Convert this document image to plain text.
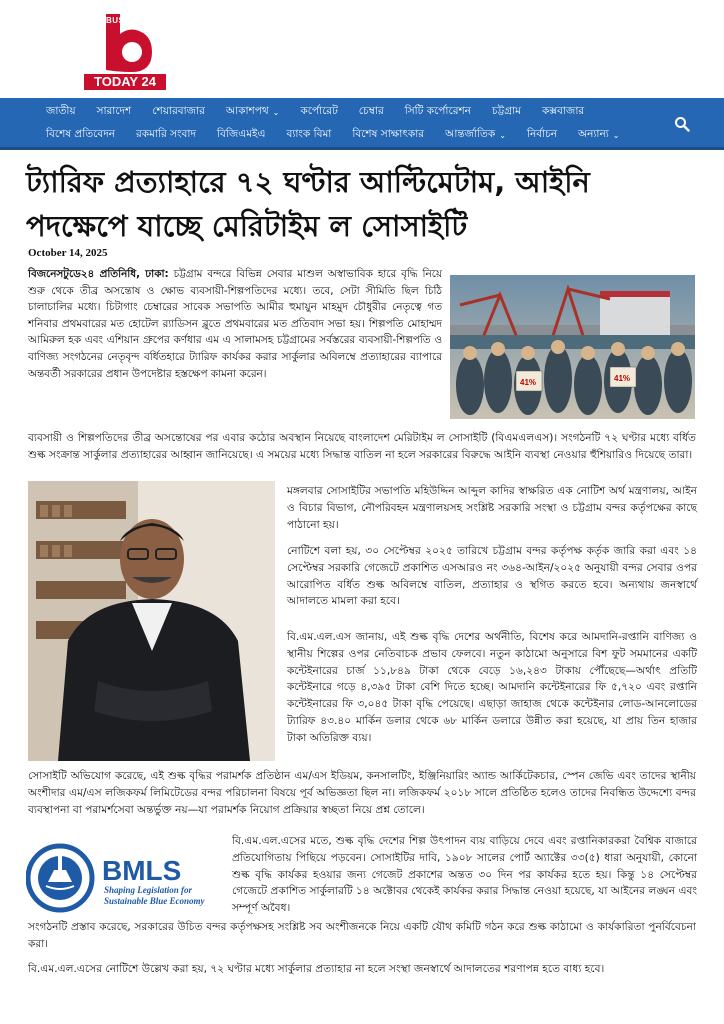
BUSINESS
TODAY 24
জাতীয় সারাদেশ শেয়ারবাজার আকাশপথ ⌄ কর্পোরেট চেম্বার সিটি কর্পোরেশন চট্টগ্রাম কক্সবাজার
বিশেষ প্রতিবেদন রকমারি সংবাদ বিজিএমইএ ব্যাংক বিমা বিশেষ সাক্ষাৎকার আন্তর্জাতিক ⌄ নির্বাচন অন্যান্য ⌄
ট্যারিফ প্রত্যাহারে ৭২ ঘণ্টার আল্টিমেটাম, আইনি
পদক্ষেপে যাচ্ছে মেরিটাইম ল সোসাইটি
October 14, 2025

বিজনেসটুডে২৪ প্রতিনিধি, ঢাকা: চট্টগ্রাম বন্দরে বিভিন্ন সেবার মাশুল অস্বাভাবিক হারে বৃদ্ধি নিয়ে শুরু থেকে তীব্র অসন্তোষ ও ক্ষোভ ব্যবসায়ী-শিল্পপতিদের মধ্যে। তবে, সেটা সীমিতি ছিল চিঠি চালাচালির মধ্যে। চিটাগাং চেম্বারের সাবেক সভাপতি আমীর হুমায়ুন মাহমুদ চৌধুরীর নেতৃত্বে গত শনিবার প্রথমবারের মত হোটেল র‍্যাডিসন ব্লুতে প্রথমবারের মত প্রতিবাদ সভা হয়। শিল্পপতি মোহাম্মদ আমিরুল হক এবং এশিয়ান গ্রুপের কর্ণধার এম এ সালামসহ চট্টগ্রামের সর্বস্তরের ব্যবসায়ী-শিল্পপতি ও বাণিজ্য সংগঠনের নেতৃবৃন্দ বর্ধিতহারে ট্যারিফ কার্যকর করার সার্কুলার অবিলম্বে প্রত্যাহারের ব্যাপারে অন্তবর্তী সরকারের প্রধান উপদেষ্টার হস্তক্ষেপ কামনা করেন।

41%	41%

ব্যবসায়ী ও শিল্পপতিদের তীব্র অসন্তোষের পর এবার কঠোর অবস্থান নিয়েছে বাংলাদেশ মেরিটাইম ল সোসাইটি (বিএমএলএস)। সংগঠনটি ৭২ ঘণ্টার মধ্যে বর্ধিত শুল্ক সংক্রান্ত সার্কুলার প্রত্যাহারের আহ্বান জানিয়েছে। এ সময়ের মধ্যে সিদ্ধান্ত বাতিল না হলে সরকারের বিরুদ্ধে আইনি ব্যবস্থা নেওয়ার হুঁশিয়ারিও দিয়েছে তারা।

মঙ্গলবার সোসাইটির সভাপতি মহিউদ্দিন আব্দুল কাদির স্বাক্ষরিত এক নোটিশ অর্থ মন্ত্রণালয়, আইন ও বিচার বিভাগ, নৌপরিবহন মন্ত্রণালয়সহ সংশ্লিষ্ট সরকারি সংস্থা ও চট্টগ্রাম বন্দর কর্তৃপক্ষের কাছে পাঠানো হয়।

নোটিশে বলা হয়, ৩০ সেপ্টেম্বর ২০২৫ তারিখে চট্টগ্রাম বন্দর কর্তৃপক্ষ কর্তৃক জারি করা এবং ১৪ সেপ্টেম্বর সরকারি গেজেটে প্রকাশিত এসআরও নং ৩৬৪-আইন/২০২৫ অনুযায়ী বন্দর সেবার ওপর আরোপিত বর্ধিত শুল্ক অবিলম্বে বাতিল, প্রত্যাহার ও স্থগিত করতে হবে। অন্যথায় জনস্বার্থে আদালতে মামলা করা হবে।

বি.এম.এল.এস জানায়, এই শুল্ক বৃদ্ধি দেশের অর্থনীতি, বিশেষ করে আমদানি-রপ্তানি বাণিজ্য ও স্থানীয় শিল্পের ওপর নেতিবাচক প্রভাব ফেলবে। নতুন কাঠামো অনুসারে বিশ ফুট সমমানের একটি কন্টেইনারের চার্জ ১১,৮৪৯ টাকা থেকে বেড়ে ১৬,২৪৩ টাকায় পৌঁছেছে—অর্থাৎ প্রতিটি কন্টেইনারে গড়ে ৪,৩৯৫ টাকা বেশি দিতে হচ্ছে। আমদানি কন্টেইনারের ফি ৫,৭২০ এবং রপ্তানি কন্টেইনারের ফি ৩,০৪৫ টাকা বৃদ্ধি পেয়েছে। এছাড়া জাহাজ থেকে কন্টেইনার লোড-আনলোডের ট্যারিফ ৪৩.৪০ মার্কিন ডলার থেকে ৬৮ মার্কিন ডলারে উন্নীত করা হয়েছে, যা প্রায় তিন হাজার টাকা অতিরিক্ত ব্যয়।

সোসাইটি অভিযোগ করেছে, এই শুল্ক বৃদ্ধির পরামর্শক প্রতিষ্ঠান এম/এস ইডিয়ম, কনসালটিং, ইঞ্জিনিয়ারিং অ্যান্ড আর্কিটেকচার, স্পেন জেভি এবং তাদের স্থানীয় অংশীদার এম/এস লজিকফর্ম লিমিটেডের বন্দর পরিচালনা বিষয়ে পূর্ব অভিজ্ঞতা ছিল না। লজিকফর্ম ২০১৮ সালে প্রতিষ্ঠিত হলেও তাদের নিবন্ধিত উদ্দেশ্যে বন্দর ব্যবস্থাপনা বা পরামর্শসেবা অন্তর্ভুক্ত নয়—যা পরামর্শক নিয়োগ প্রক্রিয়ার স্বচ্ছতা নিয়ে প্রশ্ন তোলে।

BMLS
Shaping Legislation for
Sustainable Blue Economy

বি.এম.এল.এসের মতে, শুল্ক বৃদ্ধি দেশের শিল্প উৎপাদন ব্যয় বাড়িয়ে দেবে এবং রপ্তানিকারকরা বৈশ্বিক বাজারে প্রতিযোগিতায় পিছিয়ে পড়বেন। সোসাইটির দাবি, ১৯০৮ সালের পোর্ট অ্যাক্টের ৩৩(৫) ধারা অনুযায়ী, কোনো শুল্ক বৃদ্ধি কার্যকর হওয়ার জন্য গেজেট প্রকাশের অন্তত ৩০ দিন পর কার্যকর হতে হয়। কিন্তু ১৪ সেপ্টেম্বর গেজেটে প্রকাশিত সার্কুলারটি ১৪ অক্টোবর থেকেই কার্যকর করার সিদ্ধান্ত নেওয়া হয়েছে, যা আইনের লঙ্ঘন এবং সম্পূর্ণ অবৈধ।

সংগঠনটি প্রস্তাব করেছে, সরকারের উচিত বন্দর কর্তৃপক্ষসহ সংশ্লিষ্ট সব অংশীজনকে নিয়ে একটি যৌথ কমিটি গঠন করে শুল্ক কাঠামো ও কার্যকারিতা পুনর্বিবেচনা করা।

বি.এম.এল.এসের নোটিশে উল্লেখ করা হয়, ৭২ ঘণ্টার মধ্যে সার্কুলার প্রত্যাহার না হলে সংস্থা জনস্বার্থে আদালতের শরণাপন্ন হতে বাধ্য হবে।
